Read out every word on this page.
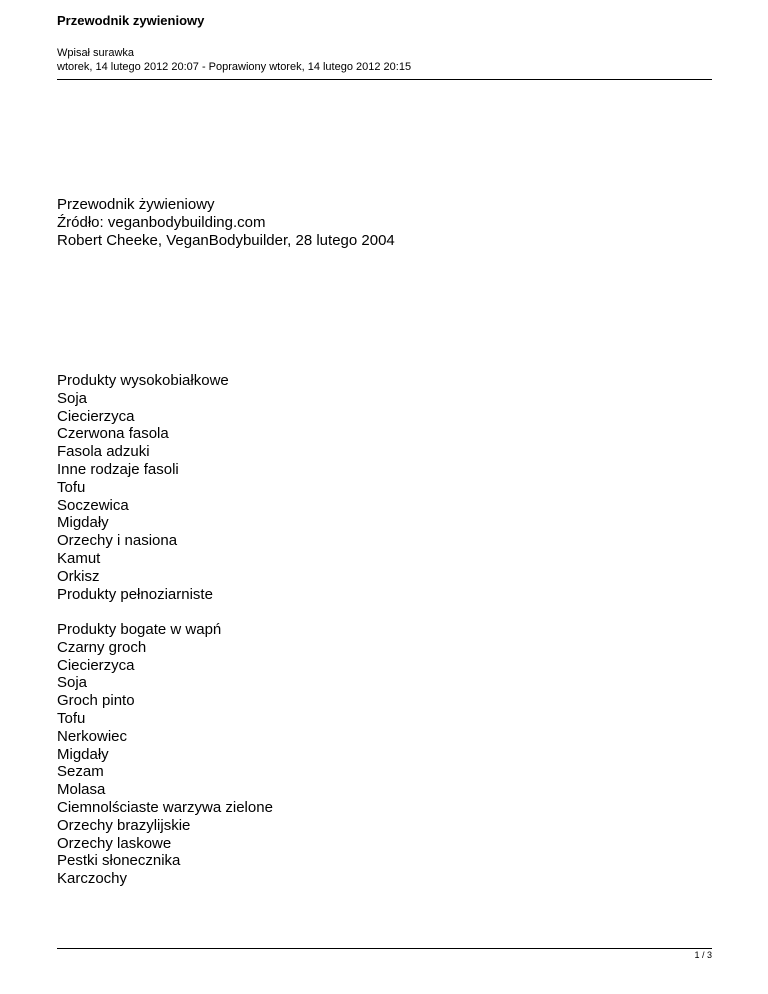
Przewodnik zywieniowy
Wpisał surawka
wtorek, 14 lutego 2012 20:07 - Poprawiony wtorek, 14 lutego 2012 20:15
Przewodnik żywieniowy
Źródło: veganbodybuilding.com
Robert Cheeke, VeganBodybuilder, 28 lutego 2004
Produkty wysokobiałkowe
Soja
Ciecierzyca
Czerwona fasola
Fasola adzuki
Inne rodzaje fasoli
Tofu
Soczewica
Migdały
Orzechy i nasiona
Kamut
Orkisz
Produkty pełnoziarniste
Produkty bogate w wapń
Czarny groch
Ciecierzyca
Soja
Groch pinto
Tofu
Nerkowiec
Migdały
Sezam
Molasa
Ciemnolściaste warzywa zielone
Orzechy brazylijskie
Orzechy laskowe
Pestki słonecznika
Karczochy
1 / 3
